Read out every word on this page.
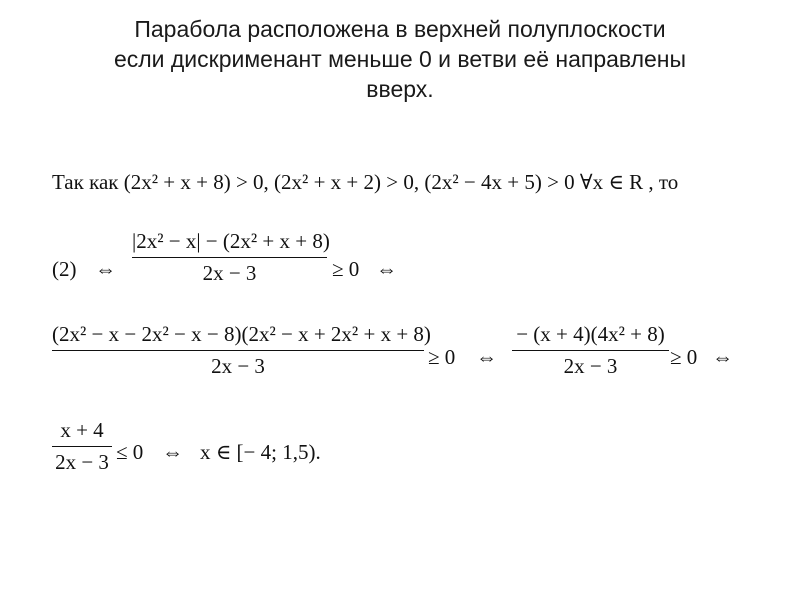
Парабола расположена в верхней полуплоскости
если дискрименант меньше 0 и ветви её направлены
вверх.
Так как (2x² + x + 8) > 0, (2x² + x + 2) > 0, (2x² − 4x + 5) > 0 ∀x ∈ R , то
(2) ⇔
|2x² − x| − (2x² + x + 8)
2x − 3	≥ 0 ⇔
(2x² − x − 2x² − x − 8)(2x² − x + 2x² + x + 8)
2x − 3	≥ 0 ⇔
− (x + 4)(4x² + 8)
2x − 3	≥ 0 ⇔
x + 4
2x − 3 ≤ 0 ⇔ x ∈ [− 4; 1,5).
